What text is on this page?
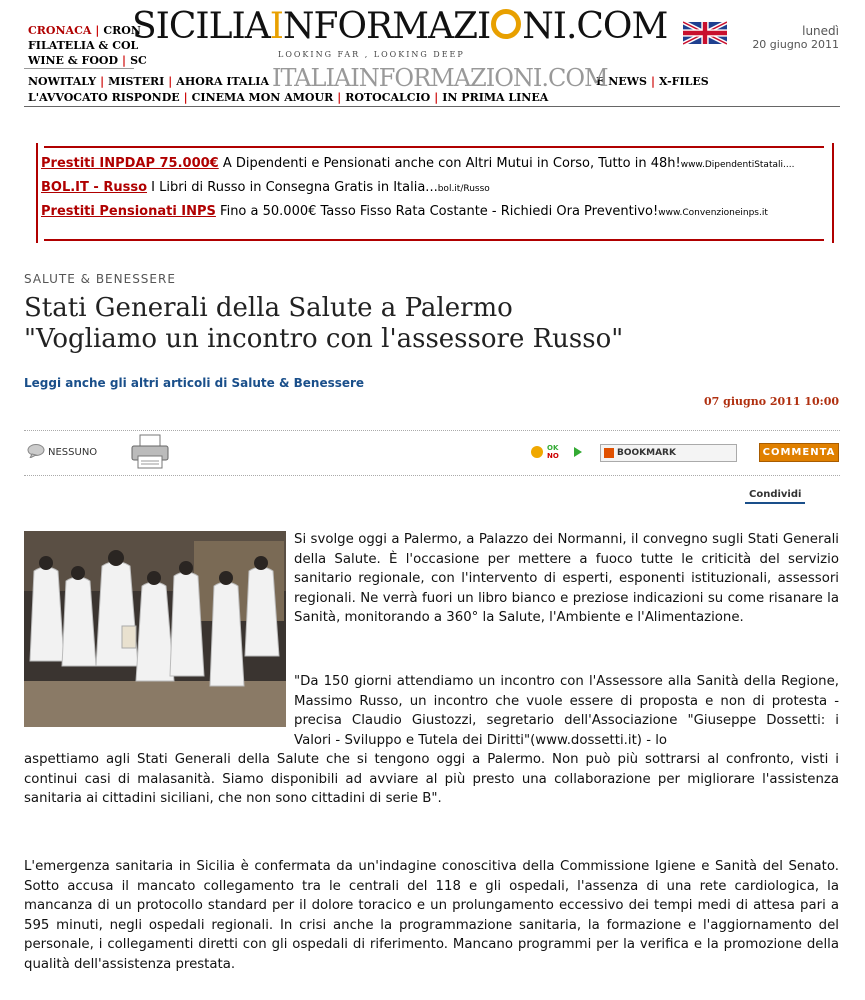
CRONACA | CRON
FILATELIA & COL
WINE & FOOD | SC
NOWITALY | MISTERI | AHORA ITALIA	E NEWS | X-FILES
L'AVVOCATO RISPONDE | CINEMA MON AMOUR | ROTOCALCIO | IN PRIMA LINEA
SICILIAINFORMAZI NI.COM
LOOKING FAR , LOOKING DEEP
ITALIAINFORMAZIONI.COM
lunedì
20 giugno 2011
Prestiti INPDAP 75.000€ A Dipendenti e Pensionati anche con Altri Mutui in Corso, Tutto in 48h!www.DipendentiStatali....
BOL.IT - Russo I Libri di Russo in Consegna Gratis in Italia...bol.it/Russo
Prestiti Pensionati INPS Fino a 50.000€ Tasso Fisso Rata Costante - Richiedi Ora Preventivo!www.Convenzioneinps.it
SALUTE & BENESSERE
Stati Generali della Salute a Palermo
"Vogliamo un incontro con l'assessore Russo"
Leggi anche gli altri articoli di Salute & Benessere
07 giugno 2011 10:00
NESSUNO	OK
NO	BOOKMARK	COMMENTA
Condividi
Si svolge oggi a Palermo, a Palazzo dei Normanni, il convegno sugli Stati Generali della Salute. È l'occasione per mettere a fuoco tutte le criticità del servizio sanitario regionale, con l'intervento di esperti, esponenti istituzionali, assessori regionali. Ne verrà fuori un libro bianco e preziose indicazioni su come risanare la Sanità, monitorando a 360° la Salute, l'Ambiente e l'Alimentazione.
"Da 150 giorni attendiamo un incontro con l'Assessore alla Sanità della Regione, Massimo Russo, un incontro che vuole essere di proposta e non di protesta - precisa Claudio Giustozzi, segretario dell'Associazione "Giuseppe Dossetti: i Valori - Sviluppo e Tutela dei Diritti"(www.dossetti.it) - lo
aspettiamo agli Stati Generali della Salute che si tengono oggi a Palermo. Non può più sottrarsi al confronto, visti i continui casi di malasanità. Siamo disponibili ad avviare al più presto una collaborazione per migliorare l'assistenza sanitaria ai cittadini siciliani, che non sono cittadini di serie B".
L'emergenza sanitaria in Sicilia è confermata da un'indagine conoscitiva della Commissione Igiene e Sanità del Senato. Sotto accusa il mancato collegamento tra le centrali del 118 e gli ospedali, l'assenza di una rete cardiologica, la mancanza di un protocollo standard per il dolore toracico e un prolungamento eccessivo dei tempi medi di attesa pari a 595 minuti, negli ospedali regionali. In crisi anche la programmazione sanitaria, la formazione e l'aggiornamento del personale, i collegamenti diretti con gli ospedali di riferimento. Mancano programmi per la verifica e la promozione della qualità dell'assistenza prestata.
